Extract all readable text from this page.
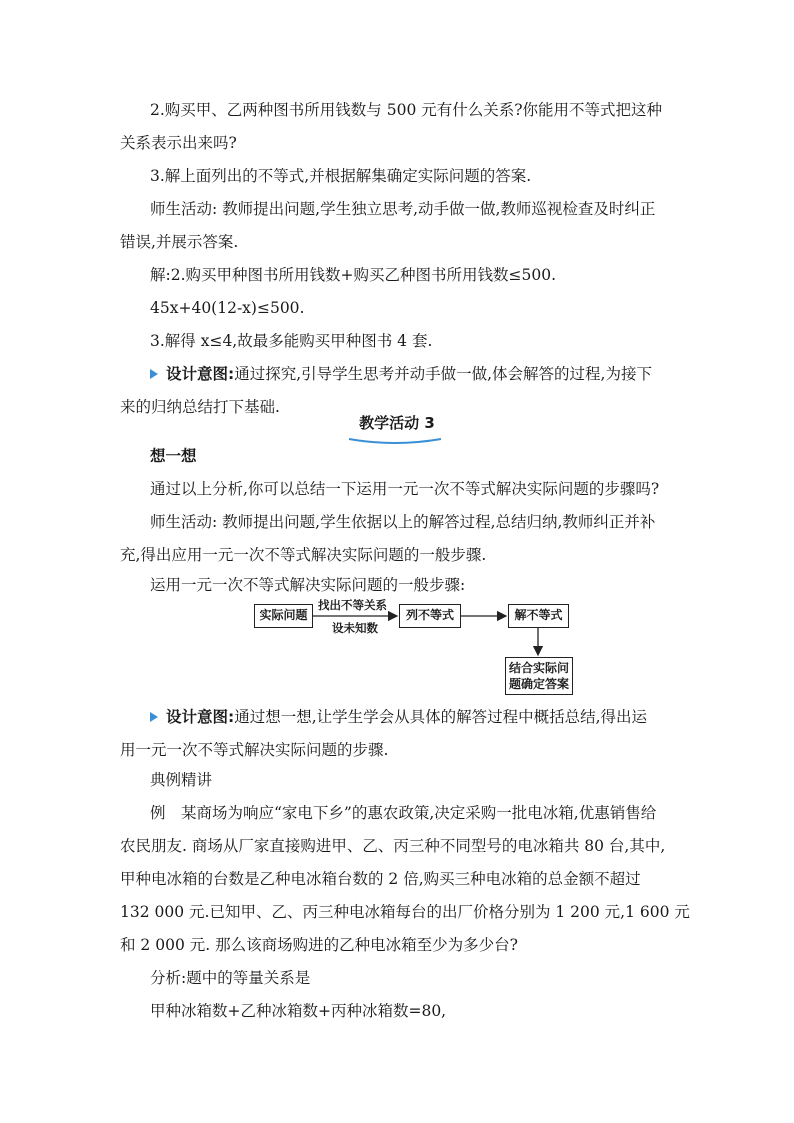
2.购买甲、乙两种图书所用钱数与 500 元有什么关系?你能用不等式把这种
关系表示出来吗?
3.解上面列出的不等式,并根据解集确定实际问题的答案.
师生活动: 教师提出问题,学生独立思考,动手做一做,教师巡视检查及时纠正
错误,并展示答案.
解:2.购买甲种图书所用钱数+购买乙种图书所用钱数≤500.
45x+40(12-x)≤500.
3.解得 x≤4,故最多能购买甲种图书 4 套.
设计意图:通过探究,引导学生思考并动手做一做,体会解答的过程,为接下
来的归纳总结打下基础.
教学活动 3
想一想
通过以上分析,你可以总结一下运用一元一次不等式解决实际问题的步骤吗?
师生活动: 教师提出问题,学生依据以上的解答过程,总结归纳,教师纠正并补
充,得出应用一元一次不等式解决实际问题的一般步骤.
运用一元一次不等式解决实际问题的一般步骤:
实际问题
找出不等关系
设未知数
列不等式	解不等式
结合实际问
题确定答案
设计意图:通过想一想,让学生学会从具体的解答过程中概括总结,得出运
用一元一次不等式解决实际问题的步骤.
典例精讲
例　某商场为响应“家电下乡”的惠农政策,决定采购一批电冰箱,优惠销售给
农民朋友. 商场从厂家直接购进甲、乙、丙三种不同型号的电冰箱共 80 台,其中,
甲种电冰箱的台数是乙种电冰箱台数的 2 倍,购买三种电冰箱的总金额不超过
132 000 元.已知甲、乙、丙三种电冰箱每台的出厂价格分别为 1 200 元,1 600 元
和 2 000 元. 那么该商场购进的乙种电冰箱至少为多少台?
分析:题中的等量关系是
甲种冰箱数+乙种冰箱数+丙种冰箱数=80,
